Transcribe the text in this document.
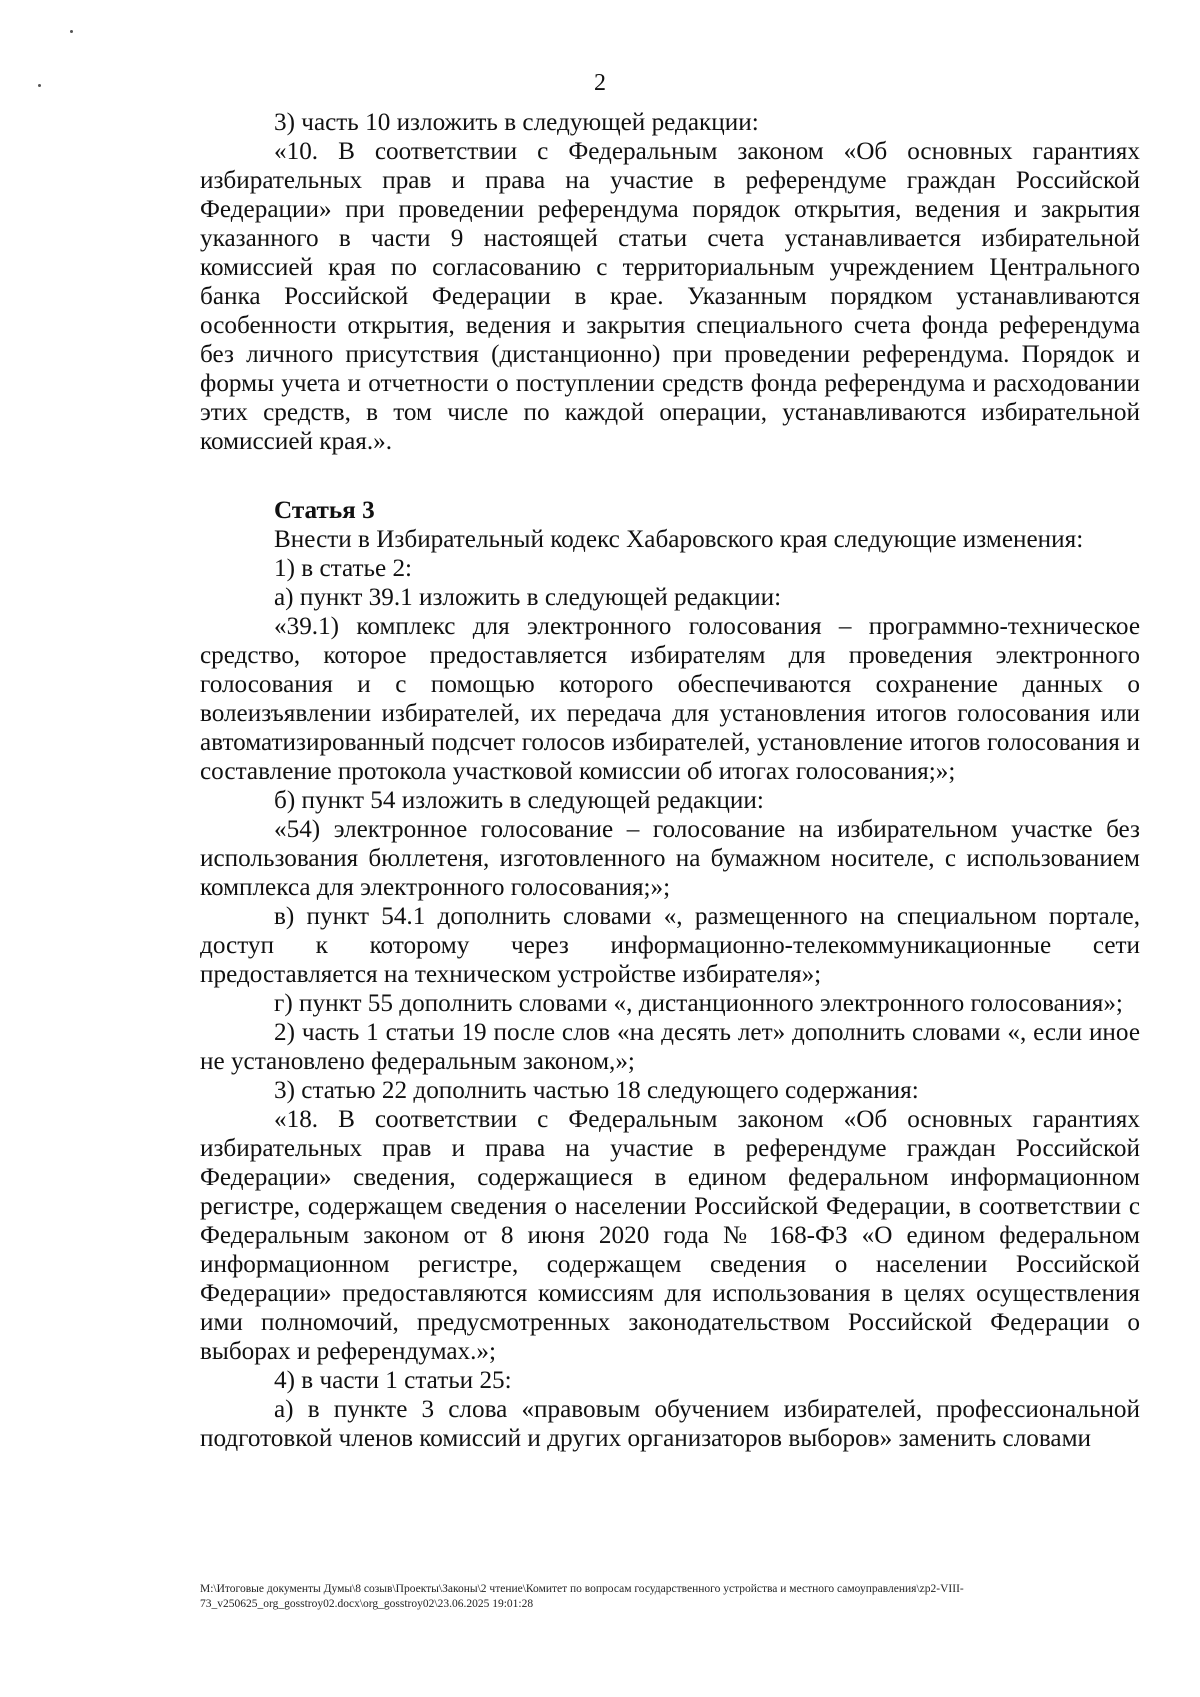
2

3) часть 10 изложить в следующей редакции:

«10. В соответствии с Федеральным законом «Об основных гарантиях избирательных прав и права на участие в референдуме граждан Российской Федерации» при проведении референдума порядок открытия, ведения и закрытия указанного в части 9 настоящей статьи счета устанавливается избирательной комиссией края по согласованию с территориальным учреждением Центрального банка Российской Федерации в крае. Указанным порядком устанавливаются особенности открытия, ведения и закрытия специального счета фонда референдума без личного присутствия (дистанционно) при проведении референдума. Порядок и формы учета и отчетности о поступлении средств фонда референдума и расходовании этих средств, в том числе по каждой операции, устанавливаются избирательной комиссией края.».

Статья 3

Внести в Избирательный кодекс Хабаровского края следующие изменения:

1) в статье 2:

а) пункт 39.1 изложить в следующей редакции:

«39.1) комплекс для электронного голосования – программно-техническое средство, которое предоставляется избирателям для проведения электронного голосования и с помощью которого обеспечиваются сохранение данных о волеизъявлении избирателей, их передача для установления итогов голосования или автоматизированный подсчет голосов избирателей, установление итогов голосования и составление протокола участковой комиссии об итогах голосования;»;

б) пункт 54 изложить в следующей редакции:

«54) электронное голосование – голосование на избирательном участке без использования бюллетеня, изготовленного на бумажном носителе, с использованием комплекса для электронного голосования;»;

в) пункт 54.1 дополнить словами «, размещенного на специальном портале, доступ к которому через информационно-телекоммуникационные сети предоставляется на техническом устройстве избирателя»;

г) пункт 55 дополнить словами «, дистанционного электронного голосования»;

2) часть 1 статьи 19 после слов «на десять лет» дополнить словами «, если иное не установлено федеральным законом,»;

3) статью 22 дополнить частью 18 следующего содержания:

«18. В соответствии с Федеральным законом «Об основных гарантиях избирательных прав и права на участие в референдуме граждан Российской Федерации» сведения, содержащиеся в едином федеральном информационном регистре, содержащем сведения о населении Российской Федерации, в соответствии с Федеральным законом от 8 июня 2020 года № 168-ФЗ «О едином федеральном информационном регистре, содержащем сведения о населении Российской Федерации» предоставляются комиссиям для использования в целях осуществления ими полномочий, предусмотренных законодательством Российской Федерации о выборах и референдумах.»;

4) в части 1 статьи 25:

а) в пункте 3 слова «правовым обучением избирателей, профессиональной подготовкой членов комиссий и других организаторов выборов» заменить словами

М:\Итоговые документы Думы\8 созыв\Проекты\Законы\2 чтение\Комитет по вопросам государственного устройства и местного самоуправления\zp2-VIII-73_v250625_org_gosstroy02.docx\org_gosstroy02\23.06.2025 19:01:28
